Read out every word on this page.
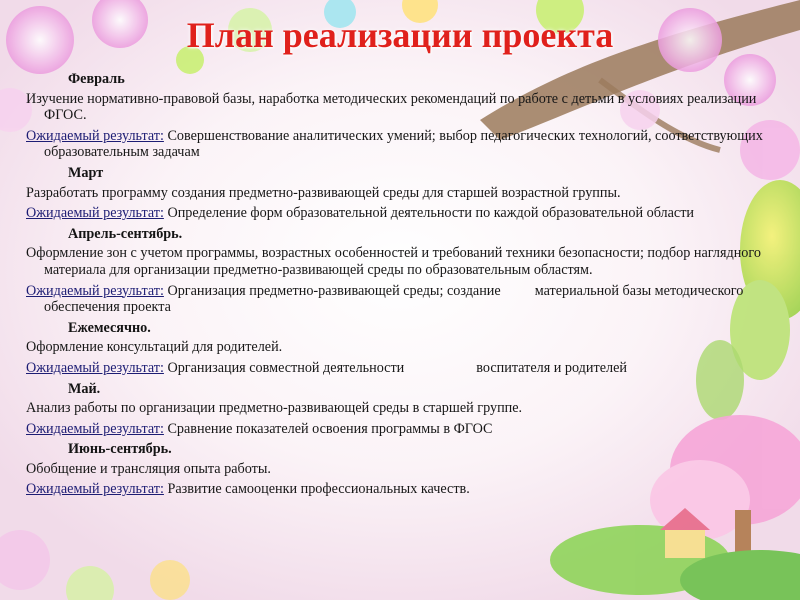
План реализации проекта
Февраль
Изучение нормативно-правовой базы, наработка методических рекомендаций по работе с детьми в условиях реализации ФГОС.
Ожидаемый результат: Совершенствование аналитических умений; выбор педагогических технологий, соответствующих образовательным задачам
Март
Разработать программу создания предметно-развивающей среды для старшей возрастной группы.
Ожидаемый результат: Определение форм образовательной деятельности по каждой образовательной области
Апрель-сентябрь.
Оформление зон с учетом программы, возрастных особенностей и требований техники безопасности; подбор наглядного материала для организации предметно-развивающей среды по образовательным областям.
Ожидаемый результат: Организация предметно-развивающей среды; создание материальной базы методического обеспечения проекта
Ежемесячно.
Оформление консультаций для родителей.
Ожидаемый результат: Организация совместной деятельности	воспитателя и родителей
Май.
Анализ работы по организации предметно-развивающей среды в старшей группе.
Ожидаемый результат: Сравнение показателей освоения программы в ФГОС
Июнь-сентябрь.
Обобщение и трансляция опыта работы.
Ожидаемый результат: Развитие самооценки профессиональных качеств.
